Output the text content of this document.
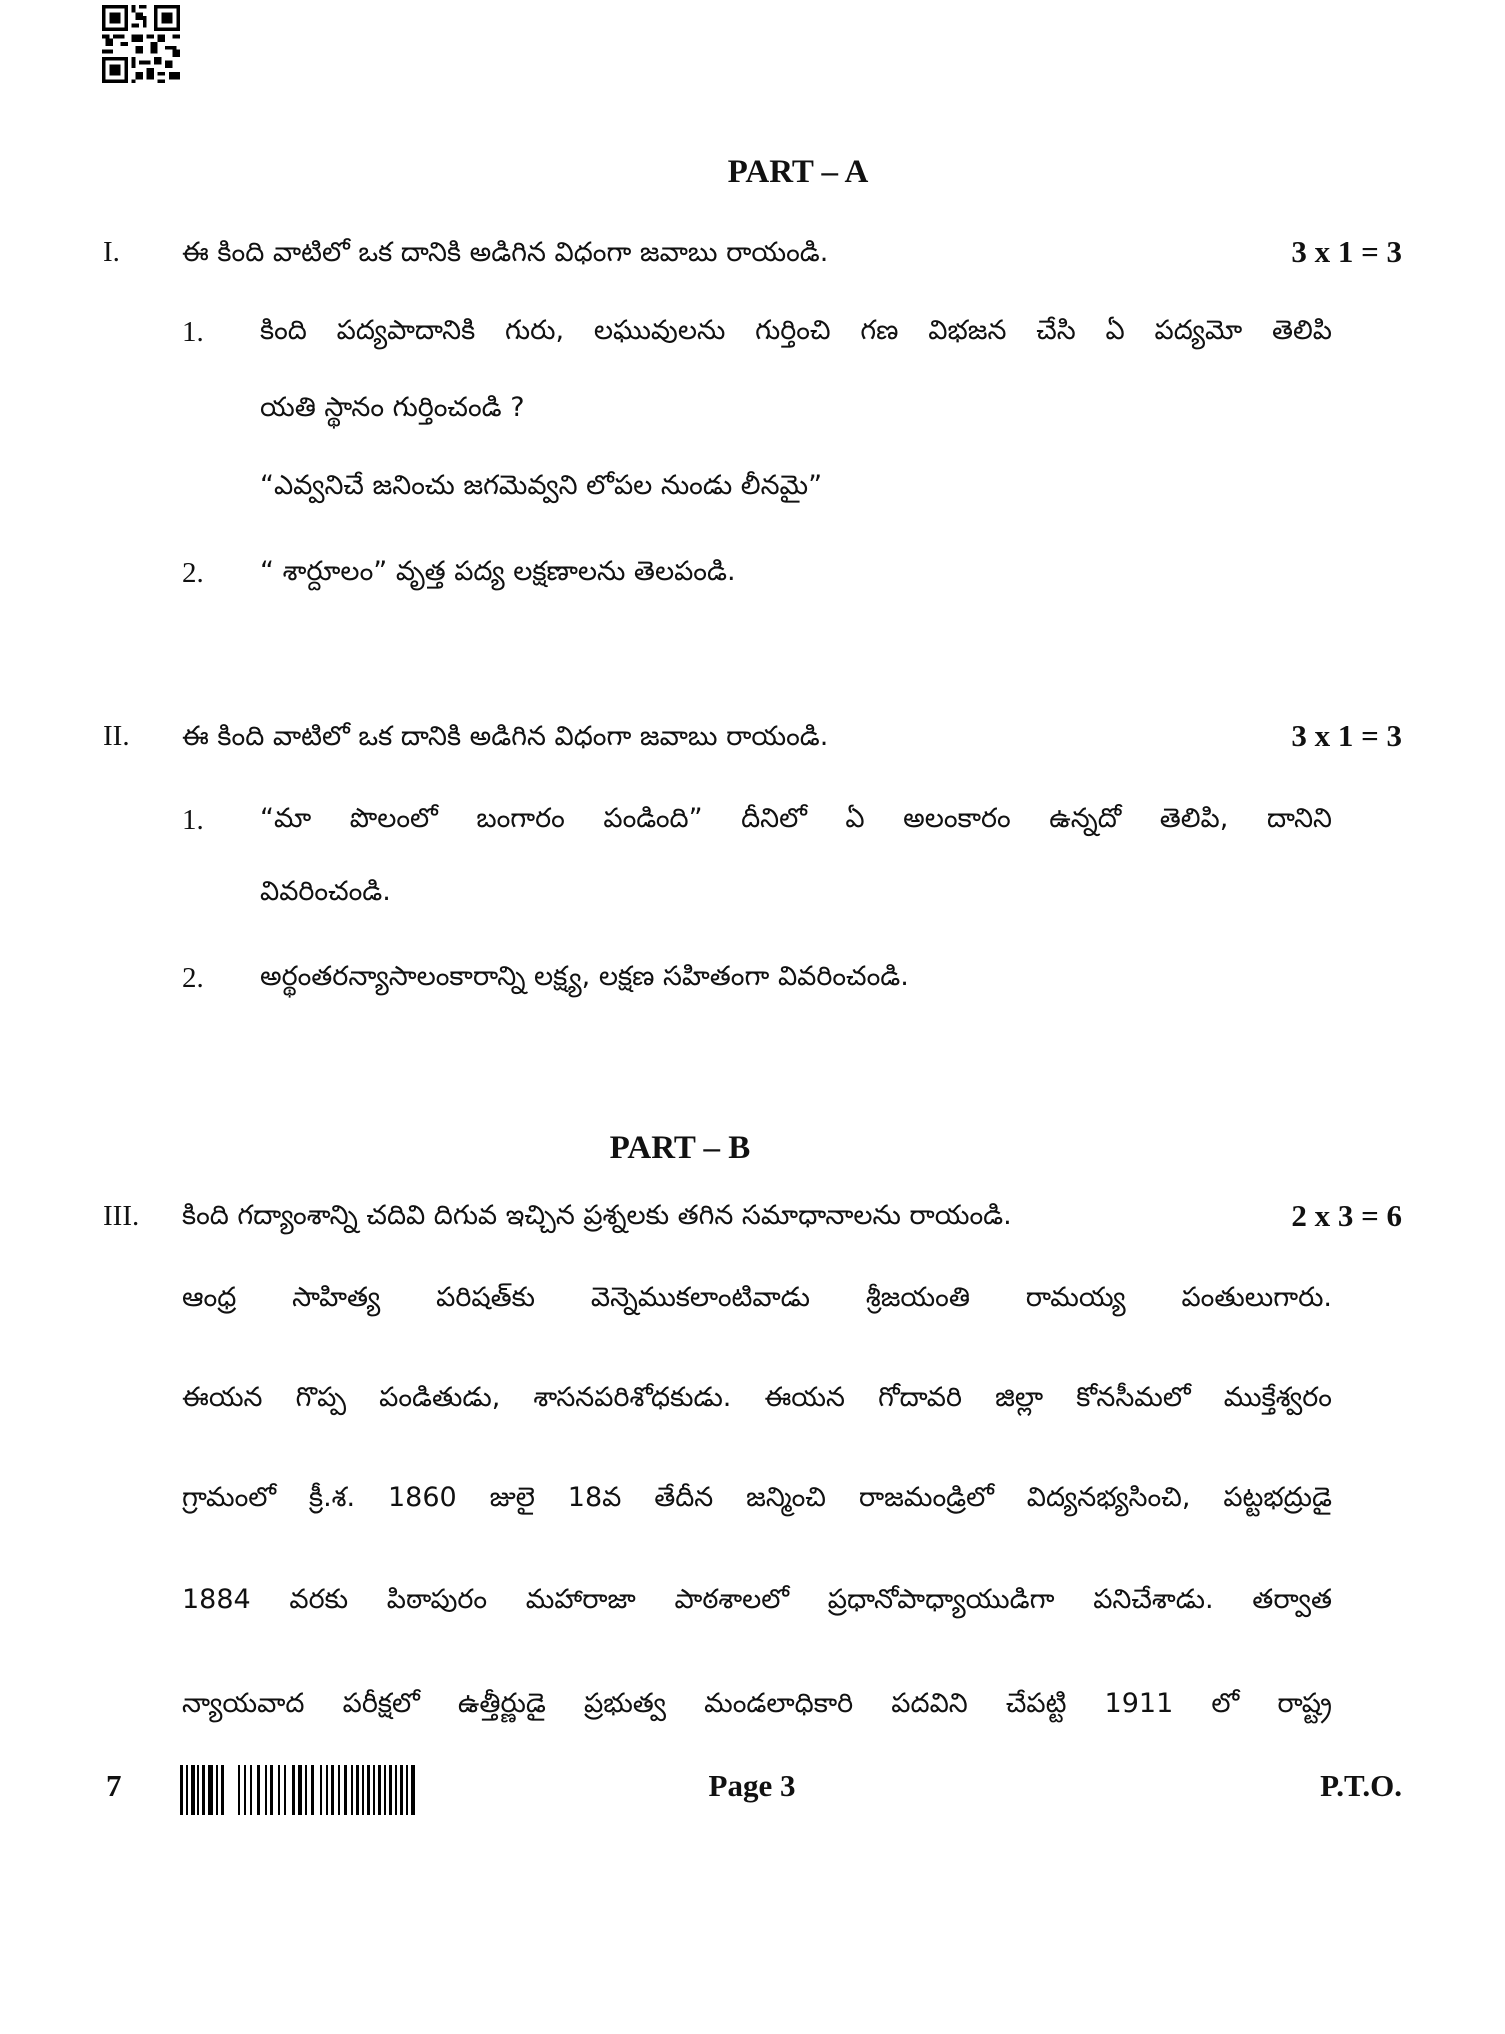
PART – A
I. ఈ కింది వాటిలో ఒక దానికి అడిగిన విధంగా జవాబు రాయండి.	3 x 1 = 3
1. కింది పద్యపాదానికి గురు, లఘువులను గుర్తించి గణ విభజన చేసి ఏ పద్యమో తెలిపి
యతి స్థానం గుర్తించండి ?
“ఎవ్వనిచే జనించు జగమెవ్వని లోపల నుండు లీనమై”
2. “ శార్దూలం” వృత్త పద్య లక్షణాలను తెలపండి.
II. ఈ కింది వాటిలో ఒక దానికి అడిగిన విధంగా జవాబు రాయండి.	3 x 1 = 3
1. “మా పొలంలో బంగారం పండింది” దీనిలో ఏ అలంకారం ఉన్నదో తెలిపి, దానిని
వివరించండి.
2. అర్థంతరన్యాసాలంకారాన్ని లక్ష్య, లక్షణ సహితంగా వివరించండి.
PART – B
III. కింది గద్యాంశాన్ని చదివి దిగువ ఇచ్చిన ప్రశ్నలకు తగిన సమాధానాలను రాయండి.	2 x 3 = 6
ఆంధ్ర సాహిత్య పరిషత్‌కు వెన్నెముకలాంటివాడు శ్రీజయంతి రామయ్య పంతులుగారు.
ఈయన గొప్ప పండితుడు, శాసనపరిశోధకుడు. ఈయన గోదావరి జిల్లా కోనసీమలో ముక్తేశ్వరం
గ్రామంలో క్రీ.శ. 1860 జులై 18వ తేదీన జన్మించి రాజమండ్రిలో విద్యనభ్యసించి, పట్టభద్రుడై
1884 వరకు పిఠాపురం మహారాజా పాఠశాలలో ప్రధానోపాధ్యాయుడిగా పనిచేశాడు. తర్వాత
న్యాయవాద పరీక్షలో ఉత్తీర్ణుడై ప్రభుత్వ మండలాధికారి పదవిని చేపట్టి 1911 లో రాష్ట్ర
7	Page 3	P.T.O.
